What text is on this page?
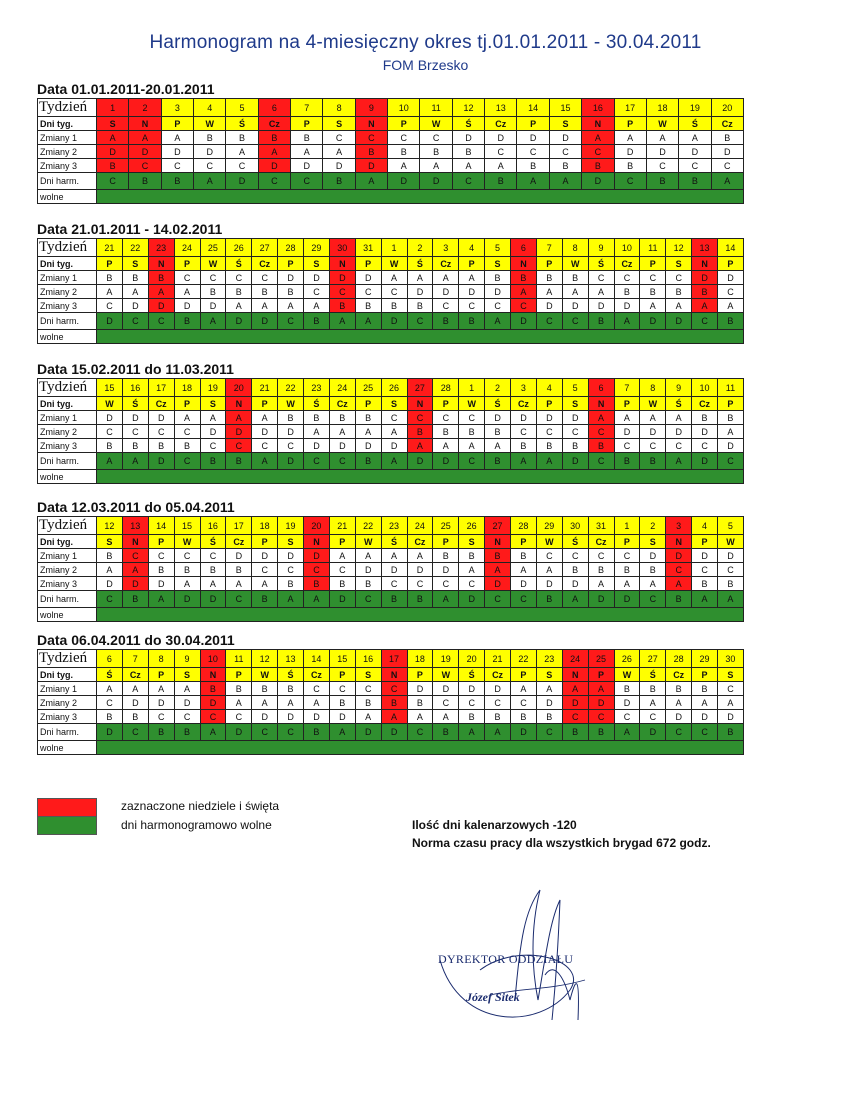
Harmonogram na 4-miesięczny okres tj.01.01.2011 - 30.04.2011
FOM Brzesko
Data 01.01.2011-20.01.2011
Tydzień	1	2	3	4	5	6	7	8	9	10	11	12	13	14	15	16	17	18	19	20
Dni tyg.	S	N	P	W	Ś	Cz	P	S	N	P	W	Ś	Cz	P	S	N	P	W	Ś	Cz
Zmiany 1	A	A	A	B	B	B	B	C	C	C	C	D	D	D	D	A	A	A	A	B
Zmiany 2	D	D	D	D	A	A	A	A	B	B	B	B	C	C	C	C	D	D	D	D
Zmiany 3	B	C	C	C	C	D	D	D	D	A	A	A	A	B	B	B	B	C	C	C
Dni harm.	C	B	B	A	D	C	C	B	A	D	D	C	B	A	A	D	C	B	B	A
wolne																				
Data 21.01.2011 - 14.02.2011
Tydzień	21	22	23	24	25	26	27	28	29	30	31	1	2	3	4	5	6	7	8	9	10	11	12	13	14
Dni tyg.	P	S	N	P	W	Ś	Cz	P	S	N	P	W	Ś	Cz	P	S	N	P	W	Ś	Cz	P	S	N	P
Zmiany 1	B	B	B	C	C	C	C	D	D	D	D	A	A	A	A	B	B	B	B	C	C	C	C	D	D
Zmiany 2	A	A	A	A	B	B	B	B	C	C	C	C	D	D	D	D	A	A	A	A	B	B	B	B	C
Zmiany 3	C	D	D	D	D	A	A	A	A	B	B	B	B	C	C	C	C	D	D	D	D	A	A	A	A
Dni harm.	D	C	C	B	A	D	D	C	B	A	A	D	C	B	B	A	D	C	C	B	A	D	D	C	B
wolne																									
Data 15.02.2011 do 11.03.2011
Tydzień	15	16	17	18	19	20	21	22	23	24	25	26	27	28	1	2	3	4	5	6	7	8	9	10	11
Dni tyg.	W	Ś	Cz	P	S	N	P	W	Ś	Cz	P	S	N	P	W	Ś	Cz	P	S	N	P	W	Ś	Cz	P
Zmiany 1	D	D	D	A	A	A	A	B	B	B	B	C	C	C	C	D	D	D	D	A	A	A	A	B	B
Zmiany 2	C	C	C	C	D	D	D	D	A	A	A	A	B	B	B	B	C	C	C	C	D	D	D	D	A
Zmiany 3	B	B	B	B	C	C	C	C	D	D	D	D	A	A	A	A	B	B	B	B	C	C	C	C	D
Dni harm.	A	A	D	C	B	B	A	D	C	C	B	A	D	D	C	B	A	A	D	C	B	B	A	D	C
wolne																									
Data 12.03.2011 do 05.04.2011
Tydzień	12	13	14	15	16	17	18	19	20	21	22	23	24	25	26	27	28	29	30	31	1	2	3	4	5
Dni tyg.	S	N	P	W	Ś	Cz	P	S	N	P	W	Ś	Cz	P	S	N	P	W	Ś	Cz	P	S	N	P	W
Zmiany 1	B	C	C	C	C	D	D	D	D	A	A	A	A	B	B	B	B	C	C	C	C	D	D	D	D
Zmiany 2	A	A	B	B	B	B	C	C	C	C	D	D	D	D	A	A	A	A	B	B	B	B	C	C	C
Zmiany 3	D	D	D	A	A	A	A	B	B	B	B	C	C	C	C	D	D	D	D	A	A	A	A	B	B
Dni harm.	C	B	A	D	D	C	B	A	A	D	C	B	B	A	D	C	C	B	A	D	D	C	B	A	A
wolne																									
Data 06.04.2011 do 30.04.2011
Tydzień	6	7	8	9	10	11	12	13	14	15	16	17	18	19	20	21	22	23	24	25	26	27	28	29	30
Dni tyg.	Ś	Cz	P	S	N	P	W	Ś	Cz	P	S	N	P	W	Ś	Cz	P	S	N	P	W	Ś	Cz	P	S
Zmiany 1	A	A	A	A	B	B	B	B	C	C	C	C	D	D	D	D	A	A	A	A	B	B	B	B	C
Zmiany 2	C	D	D	D	D	A	A	A	A	B	B	B	B	C	C	C	C	D	D	D	D	A	A	A	A
Zmiany 3	B	B	C	C	C	C	D	D	D	D	A	A	A	A	B	B	B	B	C	C	C	C	D	D	D
Dni harm.	D	C	B	B	A	D	C	C	B	A	D	D	C	B	A	A	D	C	B	B	A	D	C	C	B
wolne																									
zaznaczone niedziele i święta
dni harmonogramowo wolne	Ilość dni kalenarzowych -120
Norma czasu pracy dla wszystkich brygad 672 godz.
DYREKTOR ODDZIAŁU
Józef Sitek
